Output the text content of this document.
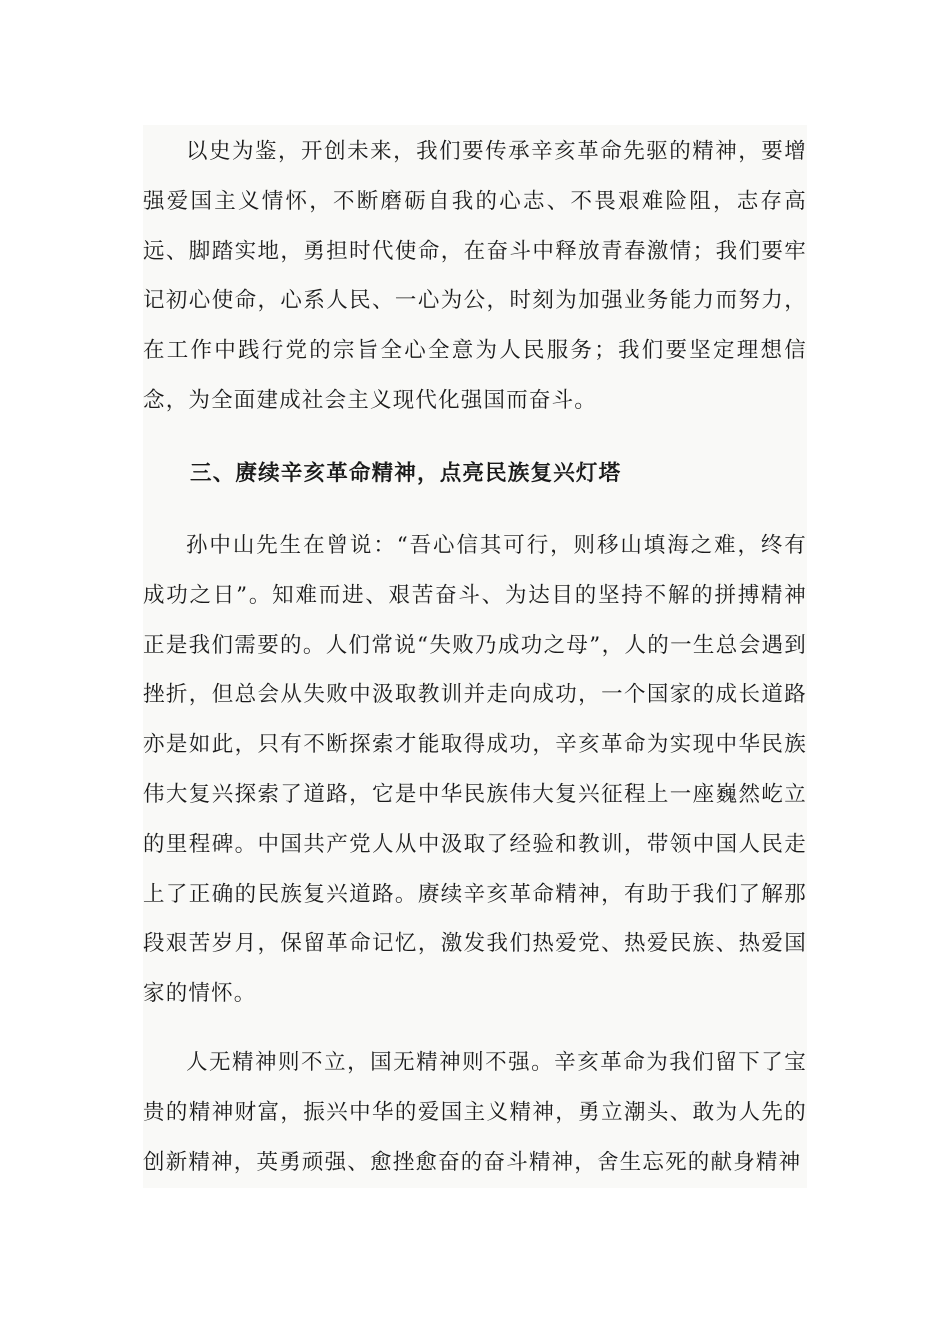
以史为鉴，开创未来，我们要传承辛亥革命先驱的精神，要增强爱国主义情怀，不断磨砺自我的心志、不畏艰难险阻，志存高远、脚踏实地，勇担时代使命，在奋斗中释放青春激情；我们要牢记初心使命，心系人民、一心为公，时刻为加强业务能力而努力，在工作中践行党的宗旨全心全意为人民服务；我们要坚定理想信念，为全面建成社会主义现代化强国而奋斗。

三、赓续辛亥革命精神，点亮民族复兴灯塔

孙中山先生在曾说：“吾心信其可行，则移山填海之难，终有成功之日”。知难而进、艰苦奋斗、为达目的坚持不解的拼搏精神正是我们需要的。人们常说“失败乃成功之母”，人的一生总会遇到挫折，但总会从失败中汲取教训并走向成功，一个国家的成长道路亦是如此，只有不断探索才能取得成功，辛亥革命为实现中华民族伟大复兴探索了道路，它是中华民族伟大复兴征程上一座巍然屹立的里程碑。中国共产党人从中汲取了经验和教训，带领中国人民走上了正确的民族复兴道路。赓续辛亥革命精神，有助于我们了解那段艰苦岁月，保留革命记忆，激发我们热爱党、热爱民族、热爱国家的情怀。

人无精神则不立，国无精神则不强。辛亥革命为我们留下了宝贵的精神财富，振兴中华的爱国主义精神，勇立潮头、敢为人先的创新精神，英勇顽强、愈挫愈奋的奋斗精神，舍生忘死的献身精神
